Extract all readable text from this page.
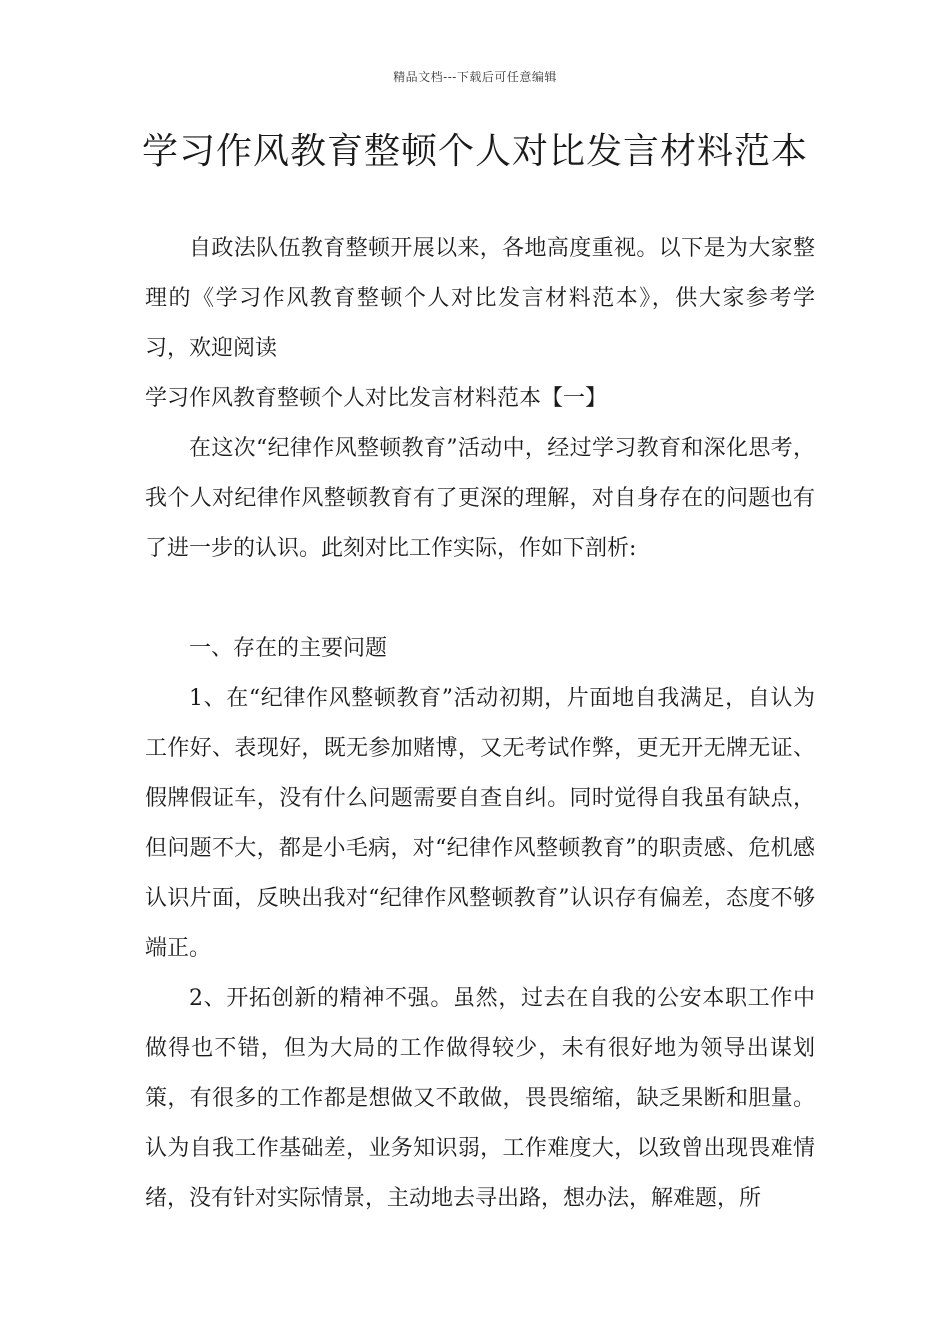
精品文档---下载后可任意编辑
学习作风教育整顿个人对比发言材料范本

自政法队伍教育整顿开展以来，各地高度重视。以下是为大家整理的《学习作风教育整顿个人对比发言材料范本》，供大家参考学习，欢迎阅读

学习作风教育整顿个人对比发言材料范本【一】

在这次“纪律作风整顿教育”活动中，经过学习教育和深化思考，我个人对纪律作风整顿教育有了更深的理解，对自身存在的问题也有了进一步的认识。此刻对比工作实际，作如下剖析:

一、存在的主要问题

1、在“纪律作风整顿教育”活动初期，片面地自我满足，自认为工作好、表现好，既无参加赌博，又无考试作弊，更无开无牌无证、假牌假证车，没有什么问题需要自查自纠。同时觉得自我虽有缺点，但问题不大，都是小毛病，对“纪律作风整顿教育”的职责感、危机感认识片面，反映出我对“纪律作风整顿教育”认识存有偏差，态度不够端正。

2、开拓创新的精神不强。虽然，过去在自我的公安本职工作中做得也不错，但为大局的工作做得较少，未有很好地为领导出谋划策，有很多的工作都是想做又不敢做，畏畏缩缩，缺乏果断和胆量。认为自我工作基础差，业务知识弱，工作难度大，以致曾出现畏难情绪，没有针对实际情景，主动地去寻出路，想办法，解难题，所
